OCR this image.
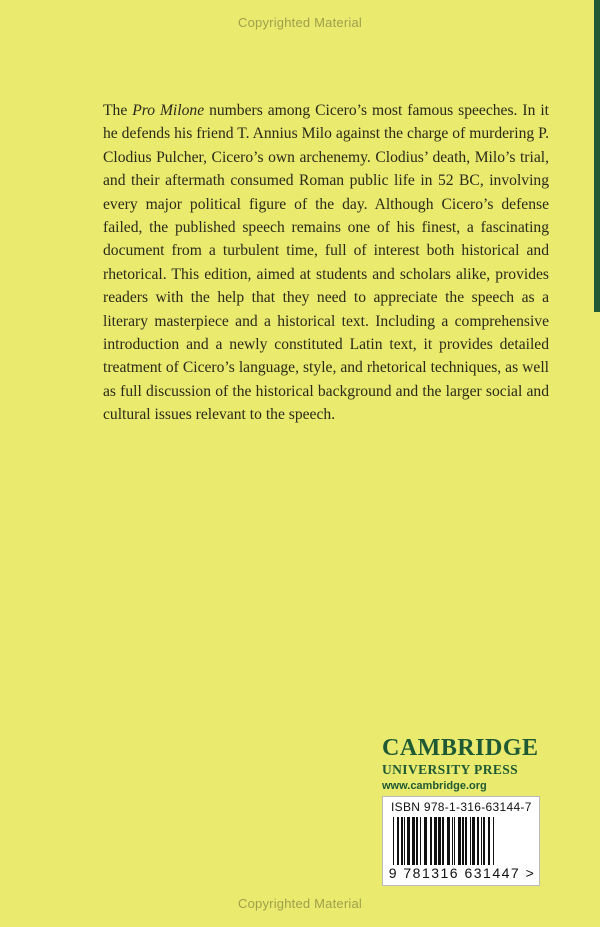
Copyrighted Material

The Pro Milone numbers among Cicero’s most famous speeches. In it he defends his friend T. Annius Milo against the charge of murdering P. Clodius Pulcher, Cicero’s own archenemy. Clodius’ death, Milo’s trial, and their aftermath consumed Roman public life in 52 BC, involving every major political figure of the day. Although Cicero’s defense failed, the published speech remains one of his finest, a fascinating document from a turbulent time, full of interest both historical and rhetorical. This edition, aimed at students and scholars alike, provides readers with the help that they need to appreciate the speech as a literary masterpiece and a historical text. Including a comprehensive introduction and a newly constituted Latin text, it provides detailed treatment of Cicero’s language, style, and rhetorical techniques, as well as full discussion of the historical background and the larger social and cultural issues relevant to the speech.

CAMBRIDGE
UNIVERSITY PRESS
www.cambridge.org
ISBN 978-1-316-63144-7
9 781316 631447 >
Copyrighted Material
